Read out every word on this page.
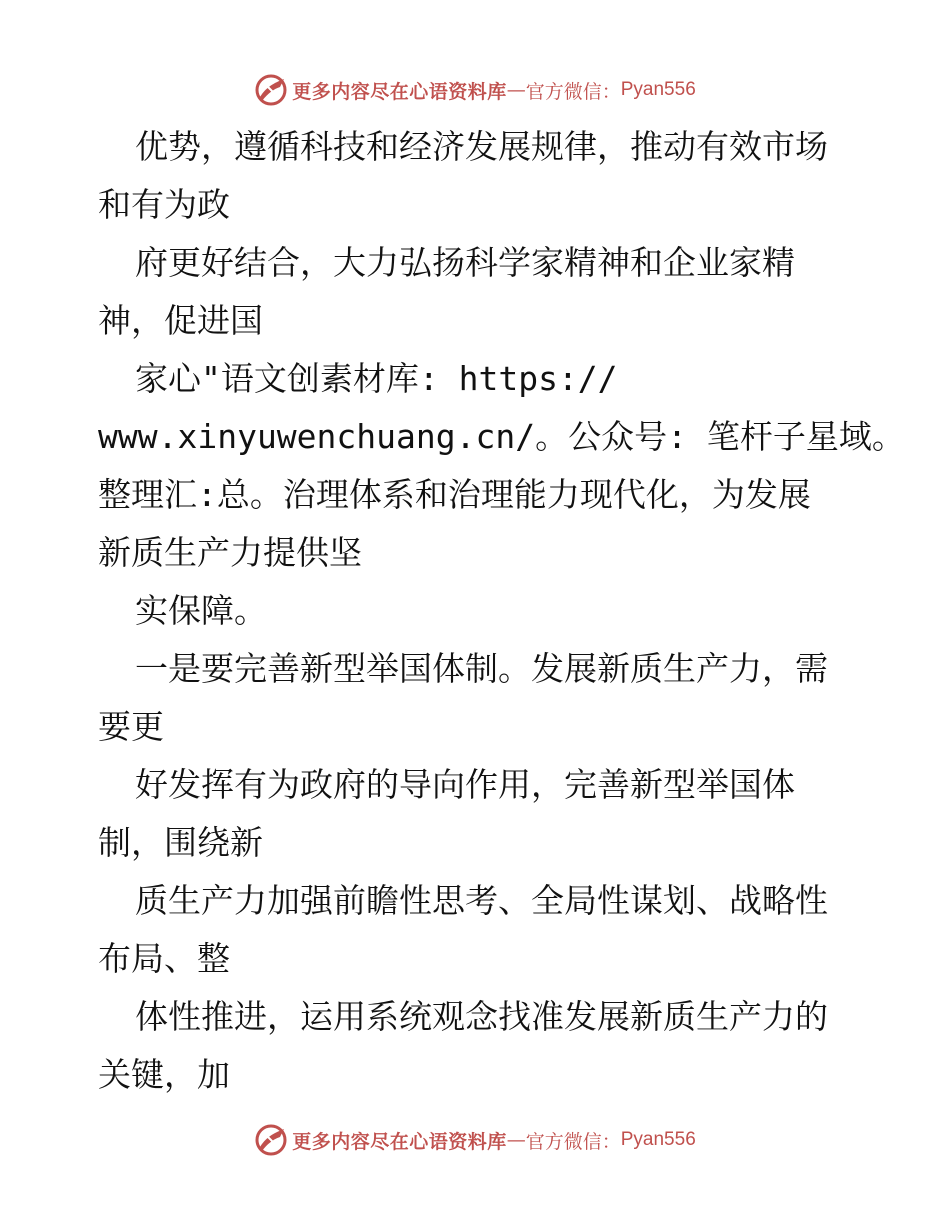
更多内容尽在心语资料库 — 官方微信： Pyan556
优势，遵循科技和经济发展规律，推动有效市场
和有为政
府更好结合，大力弘扬科学家精神和企业家精
神，促进国
家心"语文创素材库: https://
www.xinyuwenchuang.cn/。公众号: 笔杆子星域。
整理汇:总。治理体系和治理能力现代化，为发展
新质生产力提供坚
实保障。
一是要完善新型举国体制。发展新质生产力，需
要更
好发挥有为政府的导向作用，完善新型举国体
制，围绕新
质生产力加强前瞻性思考、全局性谋划、战略性
布局、整
体性推进，运用系统观念找准发展新质生产力的
关键，加
更多内容尽在心语资料库 — 官方微信： Pyan556
